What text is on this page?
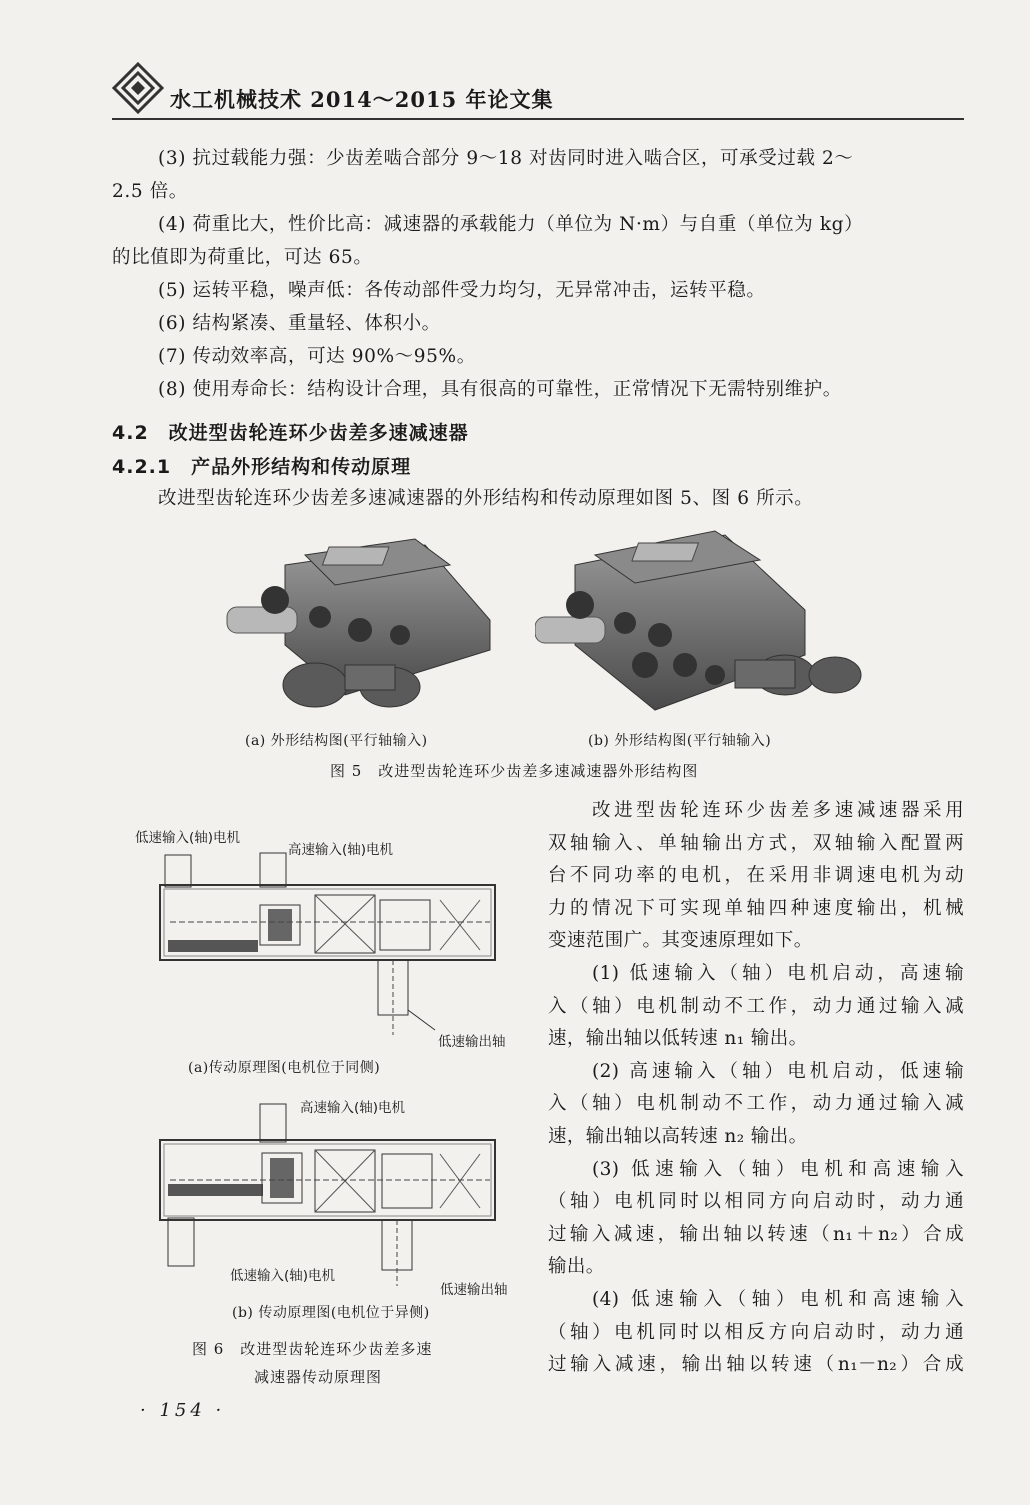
水工机械技术 2014～2015 年论文集
(3) 抗过载能力强：少齿差啮合部分 9～18 对齿同时进入啮合区，可承受过载 2～
2.5 倍。
(4) 荷重比大，性价比高：减速器的承载能力（单位为 N·m）与自重（单位为 kg）
的比值即为荷重比，可达 65。
(5) 运转平稳，噪声低：各传动部件受力均匀，无异常冲击，运转平稳。
(6) 结构紧凑、重量轻、体积小。
(7) 传动效率高，可达 90%～95%。
(8) 使用寿命长：结构设计合理，具有很高的可靠性，正常情况下无需特别维护。
4.2 改进型齿轮连环少齿差多速减速器
4.2.1 产品外形结构和传动原理
改进型齿轮连环少齿差多速减速器的外形结构和传动原理如图 5、图 6 所示。
(a) 外形结构图(平行轴输入)	(b) 外形结构图(平行轴输入)
图 5　改进型齿轮连环少齿差多速减速器外形结构图
低速输入(轴)电机
高速输入(轴)电机
低速输出轴
(a)传动原理图(电机位于同侧)
高速输入(轴)电机
低速输入(轴)电机
低速输出轴
(b) 传动原理图(电机位于异侧)
图 6　改进型齿轮连环少齿差多速
减速器传动原理图
改进型齿轮连环少齿差多速减速器采用
双轴输入、单轴输出方式，双轴输入配置两
台不同功率的电机，在采用非调速电机为动
力的情况下可实现单轴四种速度输出，机械
变速范围广。其变速原理如下。
(1) 低速输入（轴）电机启动，高速输
入（轴）电机制动不工作，动力通过输入减
速，输出轴以低转速 n₁ 输出。
(2) 高速输入（轴）电机启动，低速输
入（轴）电机制动不工作，动力通过输入减
速，输出轴以高转速 n₂ 输出。
(3) 低速输入（轴）电机和高速输入
（轴）电机同时以相同方向启动时，动力通
过输入减速，输出轴以转速（n₁＋n₂）合成
输出。
(4) 低速输入（轴）电机和高速输入
（轴）电机同时以相反方向启动时，动力通
过输入减速，输出轴以转速（n₁－n₂）合成
· 154 ·
